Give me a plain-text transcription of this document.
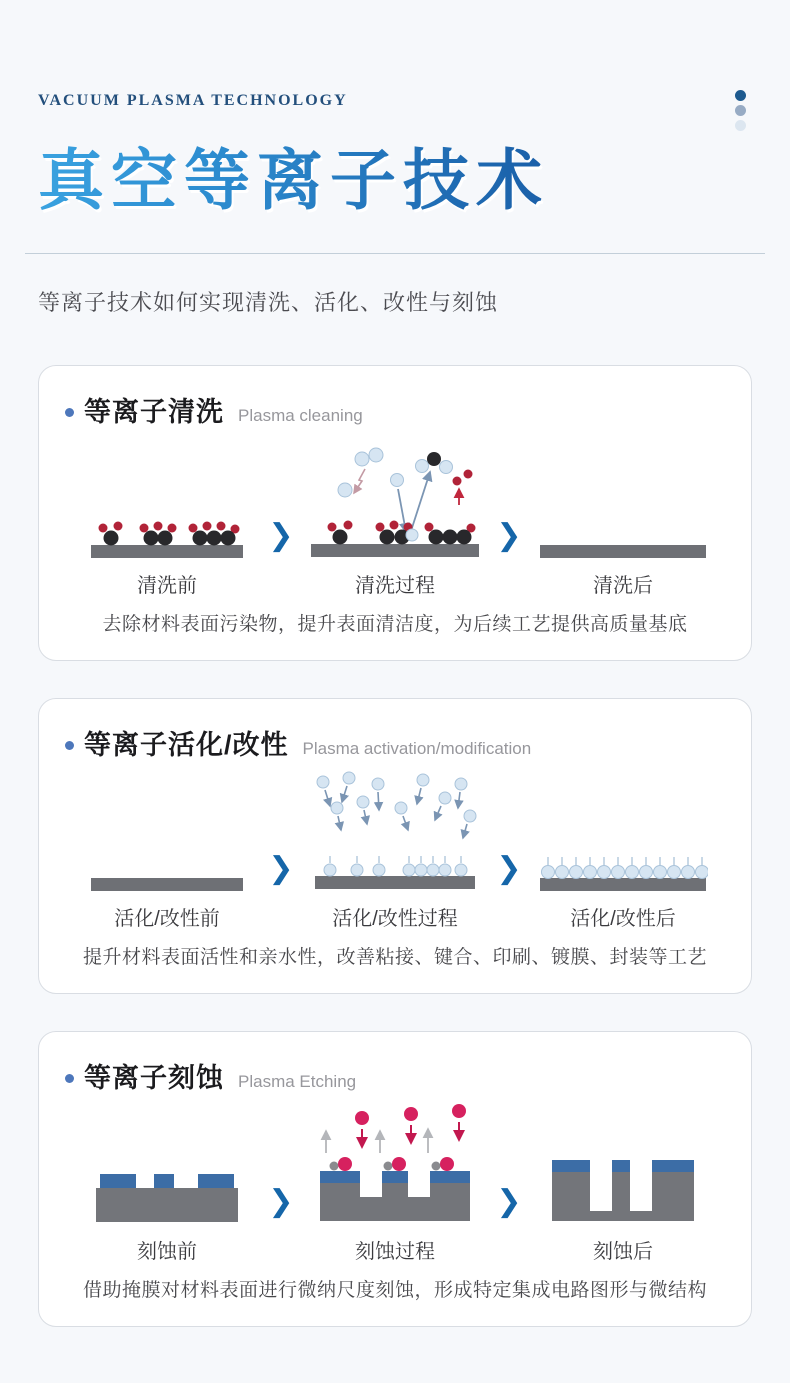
VACUUM PLASMA TECHNOLOGY
真空等离子技术
等离子技术如何实现清洗、活化、改性与刻蚀
等离子清洗 Plasma cleaning
清洗前
❯
清洗过程
❯
清洗后
去除材料表面污染物，提升表面清洁度，为后续工艺提供高质量基底
等离子活化/改性 Plasma activation/modification
活化/改性前
❯
活化/改性过程
❯
活化/改性后
提升材料表面活性和亲水性，改善粘接、键合、印刷、镀膜、封装等工艺
等离子刻蚀 Plasma Etching
刻蚀前
❯
刻蚀过程
❯
刻蚀后
借助掩膜对材料表面进行微纳尺度刻蚀，形成特定集成电路图形与微结构
